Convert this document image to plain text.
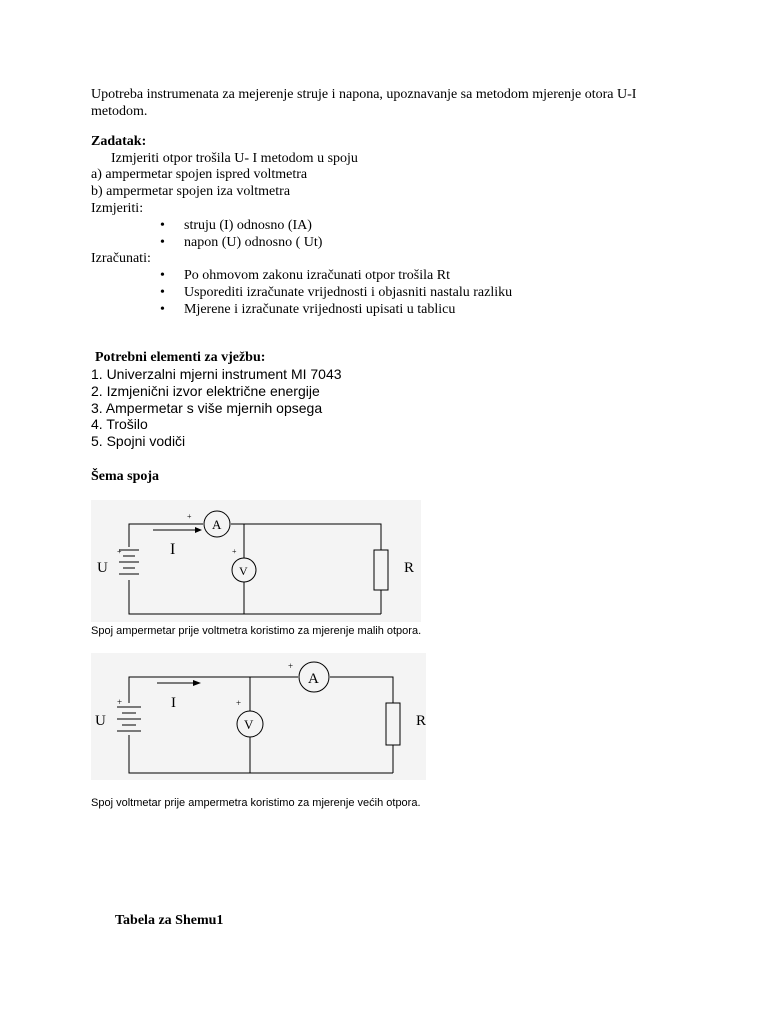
Upotreba instrumenata za mejerenje struje i napona, upoznavanje sa metodom mjerenje otora U-I
metodom.
Zadatak:
Izmjeriti otpor trošila U- I metodom u spoju
a) ampermetar spojen ispred voltmetra
b) ampermetar spojen iza voltmetra
Izmjeriti:
• struju (I) odnosno (IA)
• napon (U) odnosno ( Ut)
Izračunati:
• Po ohmovom zakonu izračunati otpor trošila Rt
• Usporediti izračunate vrijednosti i objasniti nastalu razliku
• Mjerene i izračunate vrijednosti upisati u tablicu
Potrebni elementi za vježbu:
1. Univerzalni mjerni instrument MI 7043
2. Izmjenični izvor električne energije
3. Ampermetar s više mjernih opsega
4. Trošilo
5. Spojni vodiči
Šema spoja
+
+	+
A
V
I
U	R
Spoj ampermetar prije voltmetra koristimo za mjerenje malih otpora.
+
+	+
A
V
I
U	R
Spoj voltmetar prije ampermetra koristimo za mjerenje većih otpora.
Tabela za Shemu1
